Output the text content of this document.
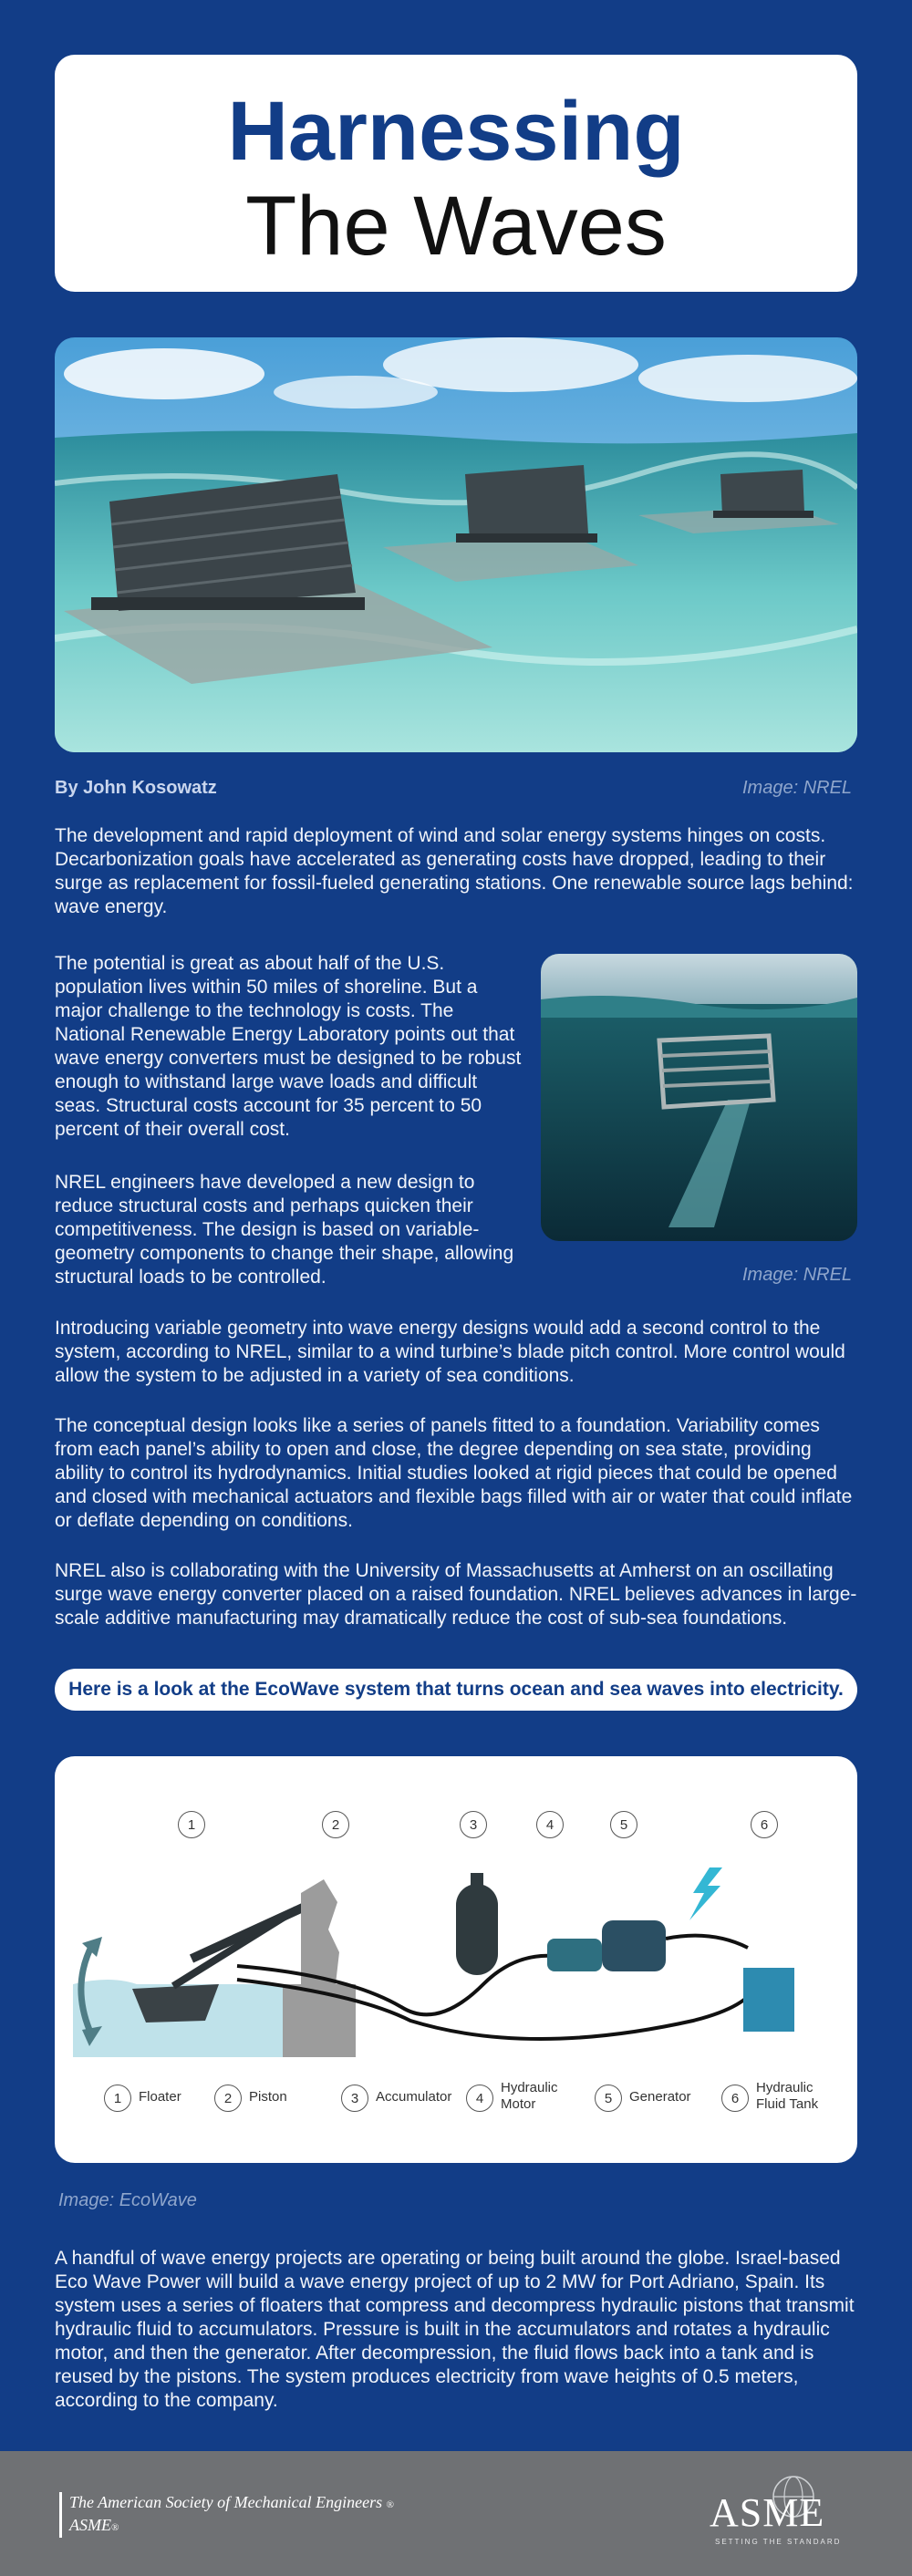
Harnessing
The Waves
By John Kosowatz	Image: NREL

The development and rapid deployment of wind and solar energy systems hinges on costs. Decarbonization goals have accelerated as generating costs have dropped, leading to their surge as replacement for fossil-fueled generating stations. One renewable source lags behind: wave energy.

The potential is great as about half of the U.S. population lives within 50 miles of shoreline. But a major challenge to the technology is costs. The National Renewable Energy Laboratory points out that wave energy converters must be designed to be robust enough to withstand large wave loads and difficult seas. Structural costs account for 35 percent to 50 percent of their overall cost.

NREL engineers have developed a new design to reduce structural costs and perhaps quicken their competitiveness. The design is based on variable-geometry components to change their shape, allowing structural loads to be controlled.	Image: NREL

Introducing variable geometry into wave energy designs would add a second control to the system, according to NREL, similar to a wind turbine’s blade pitch control. More control would allow the system to be adjusted in a variety of sea conditions.

The conceptual design looks like a series of panels fitted to a foundation. Variability comes from each panel’s ability to open and close, the degree depending on sea state, providing ability to control its hydrodynamics. Initial studies looked at rigid pieces that could be opened and closed with mechanical actuators and flexible bags filled with air or water that could inflate or deflate depending on conditions.

NREL also is collaborating with the University of Massachusetts at Amherst on an oscillating surge wave energy converter placed on a raised foundation. NREL believes advances in large-scale additive manufacturing may dramatically reduce the cost of sub-sea foundations.

Here is a look at the EcoWave system that turns ocean and sea waves into electricity.
1	2	3	4	5	6
1	Floater	2	Piston	3	Accumulator	4
Hydraulic
Motor	5	Generator	6
Hydraulic
Fluid Tank
Image: EcoWave

A handful of wave energy projects are operating or being built around the globe. Israel-based Eco Wave Power will build a wave energy project of up to 2 MW for Port Adriano, Spain. Its system uses a series of floaters that compress and decompress hydraulic pistons that transmit hydraulic fluid to accumulators. Pressure is built in the accumulators and rotates a hydraulic motor, and then the generator. After decompression, the fluid flows back into a tank and is reused by the pistons. The system produces electricity from wave heights of 0.5 meters, according to the company.

The American Society of Mechanical Engineers ®
ASME®	ASME
SETTING THE STANDARD
